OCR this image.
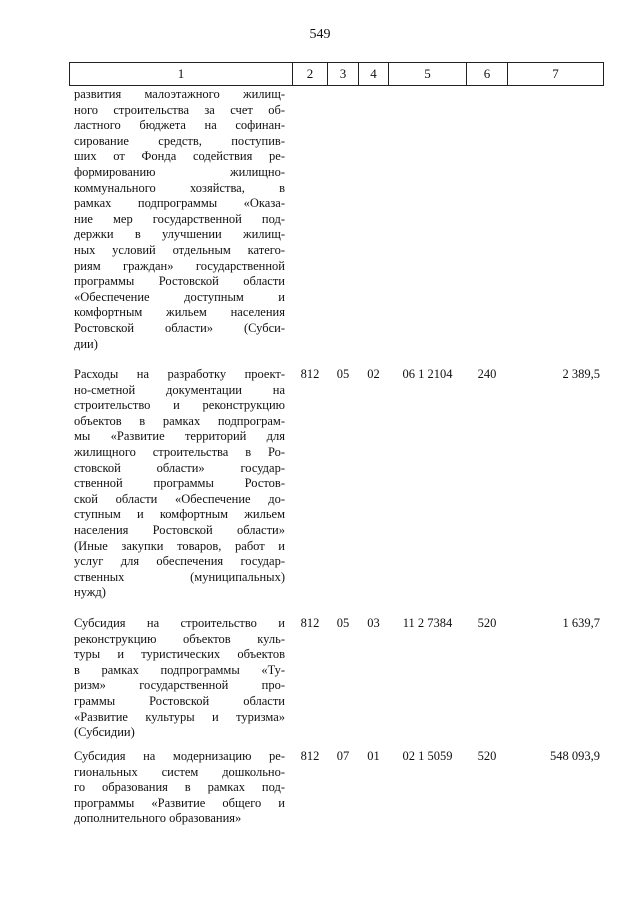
549
1	2	3	4	5	6	7
развития малоэтажного жилищ-
ного строительства за счет об-
ластного бюджета на софинан-
сирование средств, поступив-
ших от Фонда содействия ре-
формированию жилищно-
коммунального хозяйства, в
рамках подпрограммы «Оказа-
ние мер государственной под-
держки в улучшении жилищ-
ных условий отдельным катего-
риям граждан» государственной
программы Ростовской области
«Обеспечение доступным и
комфортным жильем населения
Ростовской области» (Субси-
дии)
Расходы на разработку проект-
но-сметной документации на
строительство и реконструкцию
объектов в рамках подпрограм-
мы «Развитие территорий для
жилищного строительства в Ро-
стовской области» государ-
ственной программы Ростов-
ской области «Обеспечение до-
ступным и комфортным жильем
населения Ростовской области»
(Иные закупки товаров, работ и
услуг для обеспечения государ-
ственных (муниципальных)
нужд)
812	05	02	06 1 2104	240	2 389,5
Субсидия на строительство и
реконструкцию объектов куль-
туры и туристических объектов
в рамках подпрограммы «Ту-
ризм» государственной про-
граммы Ростовской области
«Развитие культуры и туризма»
(Субсидии)
812	05	03	11 2 7384	520	1 639,7
Субсидия на модернизацию ре-
гиональных систем дошкольно-
го образования в рамках под-
программы «Развитие общего и
дополнительного образования»
812	07	01	02 1 5059	520	548 093,9
